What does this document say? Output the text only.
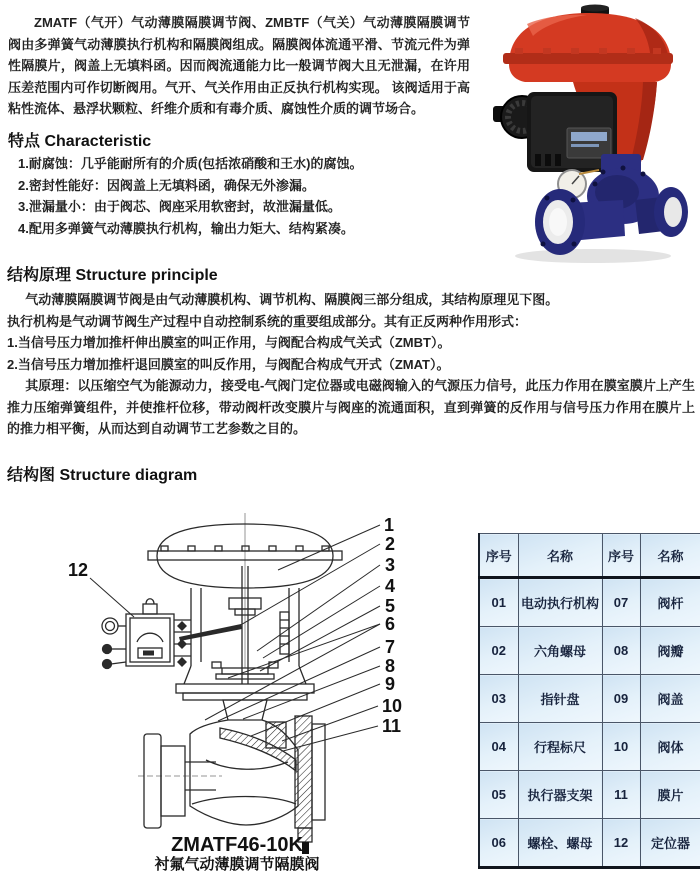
ZMATF（气开）气动薄膜隔膜调节阀、ZMBTF（气关）气动薄膜隔膜调节阀由多弹簧气动薄膜执行机构和隔膜阀组成。隔膜阀体流通平滑、节流元件为弹性隔膜片，阀盖上无填料函。因而阀流通能力比一般调节阀大且无泄漏，在许用压差范围内可作切断阀用。气开、气关作用由正反执行机构实现。 该阀适用于高粘性流体、悬浮状颗粒、纤维介质和有毒介质、腐蚀性介质的调节场合。
特点 Characteristic
1.耐腐蚀：几乎能耐所有的介质(包括浓硝酸和王水)的腐蚀。
2.密封性能好：因阀盖上无填料函，确保无外渗漏。
3.泄漏量小：由于阀芯、阀座采用软密封，故泄漏量低。
4.配用多弹簧气动薄膜执行机构，输出力矩大、结构紧凑。
结构原理 Structure principle
气动薄膜隔膜调节阀是由气动薄膜机构、调节机构、隔膜阀三部分组成，其结构原理见下图。
执行机构是气动调节阀生产过程中自动控制系统的重要组成部分。其有正反两种作用形式：
1.当信号压力增加推杆伸出膜室的叫正作用，与阀配合构成气关式（ZMBT）。
2.当信号压力增加推杆退回膜室的叫反作用，与阀配合构成气开式（ZMAT）。
其原理：以压缩空气为能源动力，接受电-气阀门定位器或电磁阀输入的气源压力信号，此压力作用在膜室膜片上产生推力压缩弹簧组件，并使推杆位移，带动阀杆改变膜片与阀座的流通面积，直到弹簧的反作用与信号压力作用在膜片上的推力相平衡，从而达到自动调节工艺参数之目的。
结构图 Structure diagram
1
2
3
4
5
6
7
8
9
10
11
12
ZMATF46-10K
衬氟气动薄膜调节隔膜阀
序号	名称	序号	名称
01	电动执行机构	07	阀杆
02	六角螺母	08	阀瓣
03	指针盘	09	阀盖
04	行程标尺	10	阀体
05	执行器支架	11	膜片
06	螺栓、螺母	12	定位器
